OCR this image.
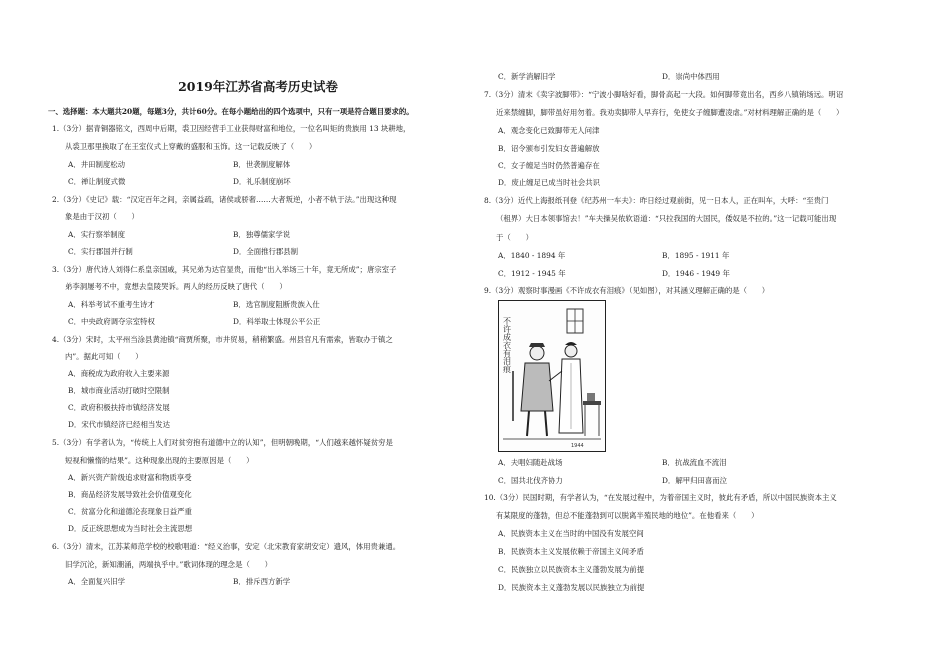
2019年江苏省高考历史试卷
一、选择题：本大题共20题，每题3分，共计60分。在每小题给出的四个选项中，只有一项是符合题目要求的。
1.（3分）据青铜器铭文，西周中后期，裘卫因经营手工业获得财富和地位，一位名叫矩的贵族用 13 块耕地，
从裘卫那里换取了在王室仪式上穿戴的盛服和玉饰。这一记载反映了（　　）
A．井田制度松动	B．世袭制度解体
C．禅让制度式微	D．礼乐制度崩坏
2.（3分）《史记》载：“汉定百年之间，亲属益疏，诸侯或骄奢……大者叛逆，小者不轨于法。”出现这种现
象是由于汉初（　　）
A．实行察举制度	B．独尊儒家学说
C．实行郡国并行制	D．全面推行郡县制
3.（3分）唐代诗人刘得仁系皇亲国戚，其兄弟为达官显贵，而他“出入举场三十年，竟无所成”；唐宗室子
弟李洞屡考不中，竟想去皇陵哭诉。两人的经历反映了唐代（　　）
A．科举考试不重考生诗才	B．选官制度阻断贵族入仕
C．中央政府调夺宗室特权	D．科举取士体现公平公正
4.（3分）宋时，太平州当涂县黄池镇“商贾所聚，市井贸易，稍稍繁盛。州县官凡有需索，皆取办于镇之
内”。据此可知（　　）
A．商税成为政府收入主要来源
B．城市商业活动打破时空限制
C．政府积极扶持市镇经济发展
D．宋代市镇经济已经相当发达
5.（3分）有学者认为，“传统上人们对贫穷抱有道德中立的认知”，但明朝晚期，“人们越来越怀疑贫穷是
短视和懒惰的结果”。这种现象出现的主要原因是（　　）
A．新兴资产阶级追求财富和物质享受
B．商品经济发展导致社会价值观变化
C．贫富分化和道德沦丧现象日益严重
D．反正统思想成为当时社会主流思想
6.（3分）清末，江苏某师范学校的校歌唱道：“经义治事，安定（北宋教育家胡安定）遗风，体用贵兼通。
旧学沉沦，新知潮涌，两端执乎中。”歌词体现的理念是（　　）
A．全面复兴旧学	B．排斥西方新学
C．新学消解旧学	D．崇尚中体西用
7.（3分）清末《卖字波脚带》：“宁波小脚啥好看，脚骨高起一大段。如何脚带竟出名，西乡八镇销场远。明诏
近来禁缠脚，脚带虽好用勿着。我劝卖脚带人早弃行，免使女子缠脚遭凌虐。”对材料理解正确的是（　　）
A．观念变化已致脚带无人问津
B．诏令颁布引发妇女普遍解放
C．女子缠足当时仍然普遍存在
D．废止缠足已成当时社会共识
8.（3分）近代上海报纸刊登《纪苏州一车夫》：昨日经过观前街，见一日本人，正在叫车，大呼：“至贵门
（租界）大日本领事馆去！”车夫操吴侬软语道：“只拉我国的大国民，倭奴是不拉的。”这一记载可能出现
于（　　）
A．1840 - 1894 年	B．1895 - 1911 年
C．1912 - 1945 年	D．1946 - 1949 年
9.（3分）观察时事漫画《不许成衣有泪痕》（见如图），对其涵义理解正确的是（　　）
不许成衣有泪痕
1944
A．夫唱妇随赴战场	B．抗战流血不流泪
C．国共北伐齐协力	D．解甲归田喜而泣
10.（3分）民国时期，有学者认为，“在发展过程中，为着帝国主义时，彼此有矛盾，所以中国民族资本主义
有某限度的蓬勃，但总不能蓬勃到可以脱离半殖民地的地位”。在他看来（　　）
A．民族资本主义在当时的中国没有发展空间
B．民族资本主义发展依赖于帝国主义间矛盾
C．民族独立以民族资本主义蓬勃发展为前提
D．民族资本主义蓬勃发展以民族独立为前提
